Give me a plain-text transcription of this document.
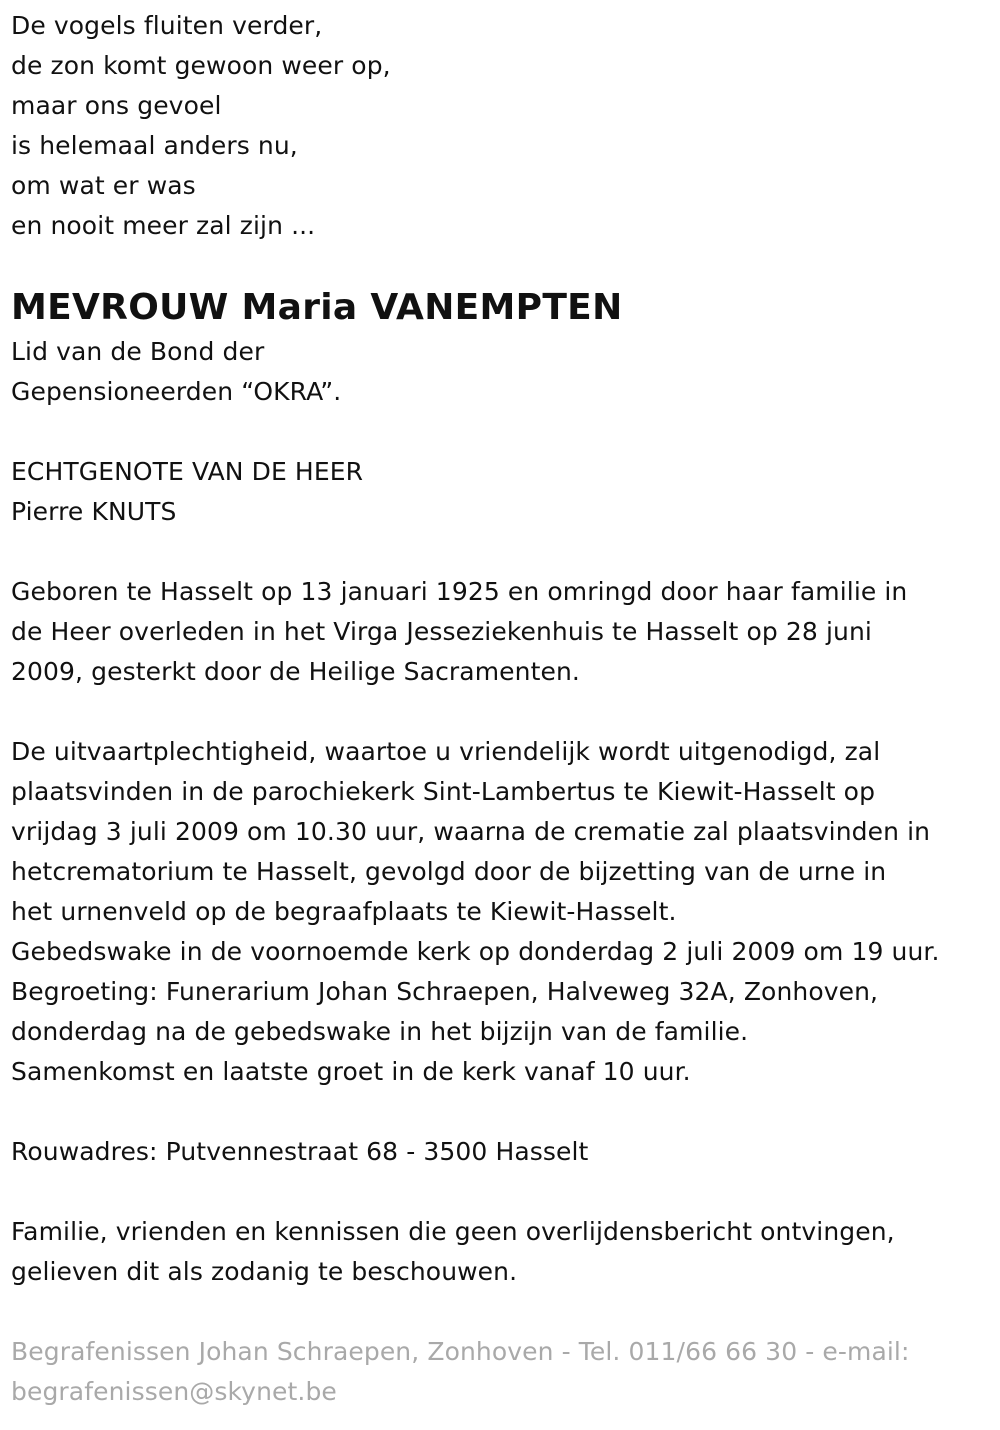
De vogels fluiten verder,
de zon komt gewoon weer op,
maar ons gevoel
is helemaal anders nu,
om wat er was
en nooit meer zal zijn ...
MEVROUW Maria VANEMPTEN
Lid van de Bond der
Gepensioneerden “OKRA”.
ECHTGENOTE VAN DE HEER
Pierre KNUTS
Geboren te Hasselt op 13 januari 1925 en omringd door haar familie in
de Heer overleden in het Virga Jesseziekenhuis te Hasselt op 28 juni
2009, gesterkt door de Heilige Sacramenten.
De uitvaartplechtigheid, waartoe u vriendelijk wordt uitgenodigd, zal
plaatsvinden in de parochiekerk Sint-Lambertus te Kiewit-Hasselt op
vrijdag 3 juli 2009 om 10.30 uur, waarna de crematie zal plaatsvinden in
hetcrematorium te Hasselt, gevolgd door de bijzetting van de urne in
het urnenveld op de begraafplaats te Kiewit-Hasselt.
Gebedswake in de voornoemde kerk op donderdag 2 juli 2009 om 19 uur.
Begroeting: Funerarium Johan Schraepen, Halveweg 32A, Zonhoven,
donderdag na de gebedswake in het bijzijn van de familie.
Samenkomst en laatste groet in de kerk vanaf 10 uur.
Rouwadres: Putvennestraat 68 - 3500 Hasselt
Familie, vrienden en kennissen die geen overlijdensbericht ontvingen,
gelieven dit als zodanig te beschouwen.
Begrafenissen Johan Schraepen, Zonhoven - Tel. 011/66 66 30 - e-mail:
begrafenissen@skynet.be
